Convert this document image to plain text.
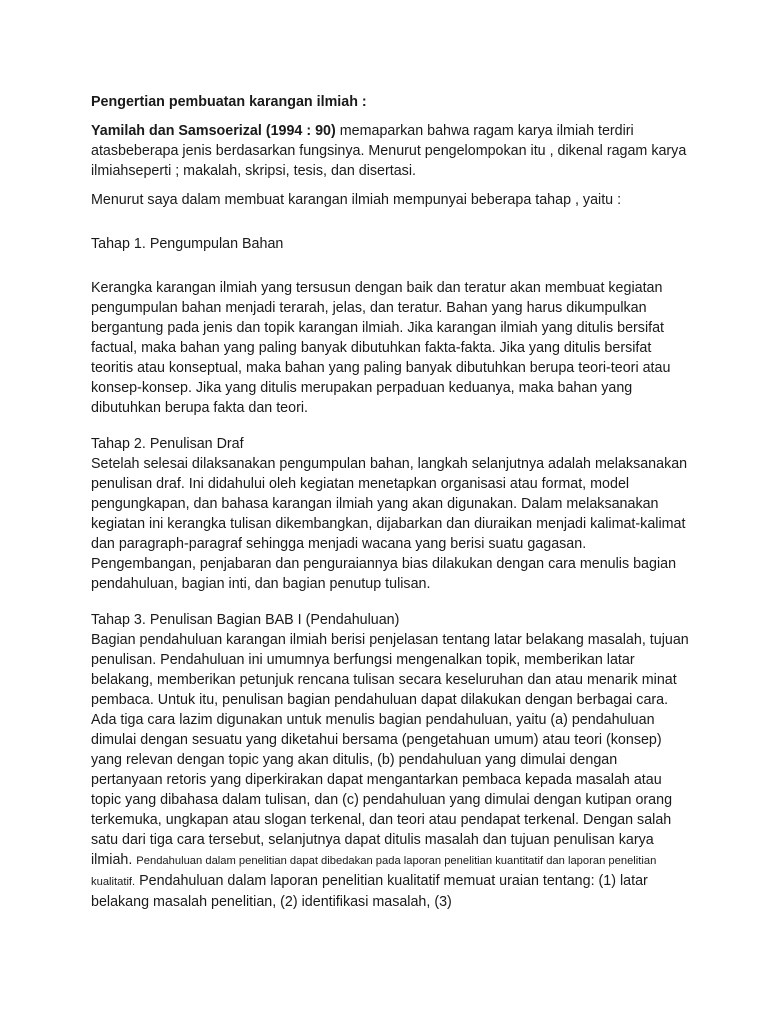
Pengertian pembuatan karangan ilmiah :

Yamilah dan Samsoerizal (1994 : 90) memaparkan bahwa ragam karya ilmiah terdiri atasbeberapa jenis berdasarkan fungsinya. Menurut pengelompokan itu , dikenal ragam karya ilmiahseperti ; makalah, skripsi, tesis, dan disertasi.

Menurut saya dalam membuat karangan ilmiah mempunyai beberapa tahap , yaitu :

Tahap 1. Pengumpulan Bahan

Kerangka karangan ilmiah yang tersusun dengan baik dan teratur akan membuat kegiatan pengumpulan bahan menjadi terarah, jelas, dan teratur. Bahan yang harus dikumpulkan bergantung pada jenis dan topik karangan ilmiah. Jika karangan ilmiah yang ditulis bersifat factual, maka bahan yang paling banyak dibutuhkan fakta-fakta. Jika yang ditulis bersifat teoritis atau konseptual, maka bahan yang paling banyak dibutuhkan berupa teori-teori atau konsep-konsep. Jika yang ditulis merupakan perpaduan keduanya, maka bahan yang dibutuhkan berupa fakta dan teori.

Tahap 2. Penulisan Draf

Setelah selesai dilaksanakan pengumpulan bahan, langkah selanjutnya adalah melaksanakan penulisan draf. Ini didahului oleh kegiatan menetapkan organisasi atau format, model pengungkapan, dan bahasa karangan ilmiah yang akan digunakan. Dalam melaksanakan kegiatan ini kerangka tulisan dikembangkan, dijabarkan dan diuraikan menjadi kalimat-kalimat dan paragraph-paragraf sehingga menjadi wacana yang berisi suatu gagasan. Pengembangan, penjabaran dan penguraiannya bias dilakukan dengan cara menulis bagian pendahuluan, bagian inti, dan bagian penutup tulisan.

Tahap 3. Penulisan Bagian BAB I (Pendahuluan)

Bagian pendahuluan karangan ilmiah berisi penjelasan tentang latar belakang masalah, tujuan penulisan. Pendahuluan ini umumnya berfungsi mengenalkan topik, memberikan latar belakang, memberikan petunjuk rencana tulisan secara keseluruhan dan atau menarik minat pembaca. Untuk itu, penulisan bagian pendahuluan dapat dilakukan dengan berbagai cara. Ada tiga cara lazim digunakan untuk menulis bagian pendahuluan, yaitu (a) pendahuluan dimulai dengan sesuatu yang diketahui bersama (pengetahuan umum) atau teori (konsep) yang relevan dengan topic yang akan ditulis, (b) pendahuluan yang dimulai dengan pertanyaan retoris yang diperkirakan dapat mengantarkan pembaca kepada masalah atau topic yang dibahasa dalam tulisan, dan (c) pendahuluan yang dimulai dengan kutipan orang terkemuka, ungkapan atau slogan terkenal, dan teori atau pendapat terkenal. Dengan salah satu dari tiga cara tersebut, selanjutnya dapat ditulis masalah dan tujuan penulisan karya ilmiah. Pendahuluan dalam penelitian dapat dibedakan pada laporan penelitian kuantitatif dan laporan penelitian kualitatif. Pendahuluan dalam laporan penelitian kualitatif memuat uraian tentang: (1) latar belakang masalah penelitian, (2) identifikasi masalah, (3)
